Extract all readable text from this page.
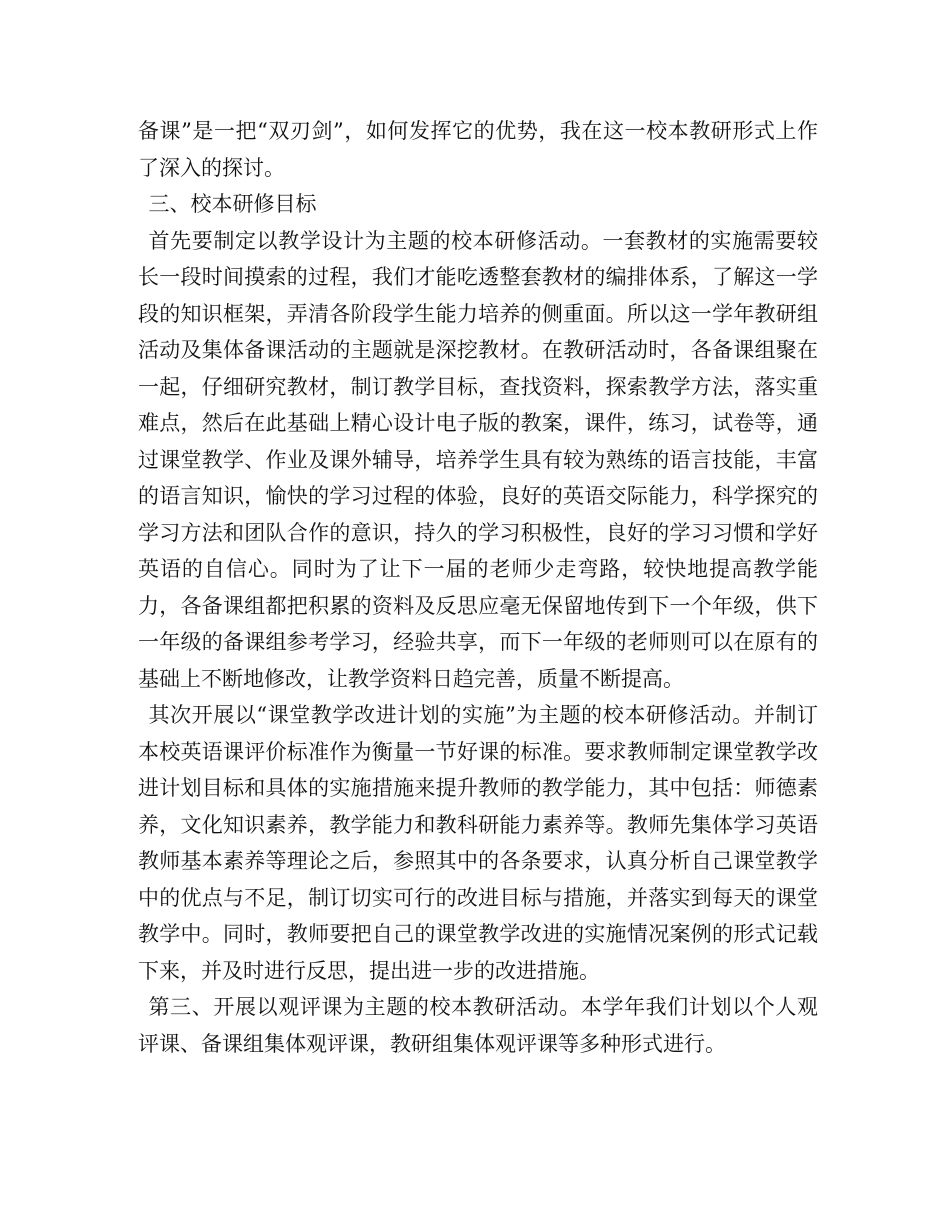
备课”是一把“双刃剑”，如何发挥它的优势，我在这一校本教研形式上作了深入的探讨。

三、校本研修目标

首先要制定以教学设计为主题的校本研修活动。一套教材的实施需要较长一段时间摸索的过程，我们才能吃透整套教材的编排体系，了解这一学段的知识框架，弄清各阶段学生能力培养的侧重面。所以这一学年教研组活动及集体备课活动的主题就是深挖教材。在教研活动时，各备课组聚在一起，仔细研究教材，制订教学目标，查找资料，探索教学方法，落实重难点，然后在此基础上精心设计电子版的教案，课件，练习，试卷等，通过课堂教学、作业及课外辅导，培养学生具有较为熟练的语言技能，丰富的语言知识，愉快的学习过程的体验，良好的英语交际能力，科学探究的学习方法和团队合作的意识，持久的学习积极性，良好的学习习惯和学好英语的自信心。同时为了让下一届的老师少走弯路，较快地提高教学能力，各备课组都把积累的资料及反思应毫无保留地传到下一个年级，供下一年级的备课组参考学习，经验共享，而下一年级的老师则可以在原有的基础上不断地修改，让教学资料日趋完善，质量不断提高。

其次开展以“课堂教学改进计划的实施”为主题的校本研修活动。并制订本校英语课评价标准作为衡量一节好课的标准。要求教师制定课堂教学改进计划目标和具体的实施措施来提升教师的教学能力，其中包括：师德素养，文化知识素养，教学能力和教科研能力素养等。教师先集体学习英语教师基本素养等理论之后，参照其中的各条要求，认真分析自己课堂教学中的优点与不足，制订切实可行的改进目标与措施，并落实到每天的课堂教学中。同时，教师要把自己的课堂教学改进的实施情况案例的形式记载下来，并及时进行反思，提出进一步的改进措施。

第三、开展以观评课为主题的校本教研活动。本学年我们计划以个人观评课、备课组集体观评课，教研组集体观评课等多种形式进行。
